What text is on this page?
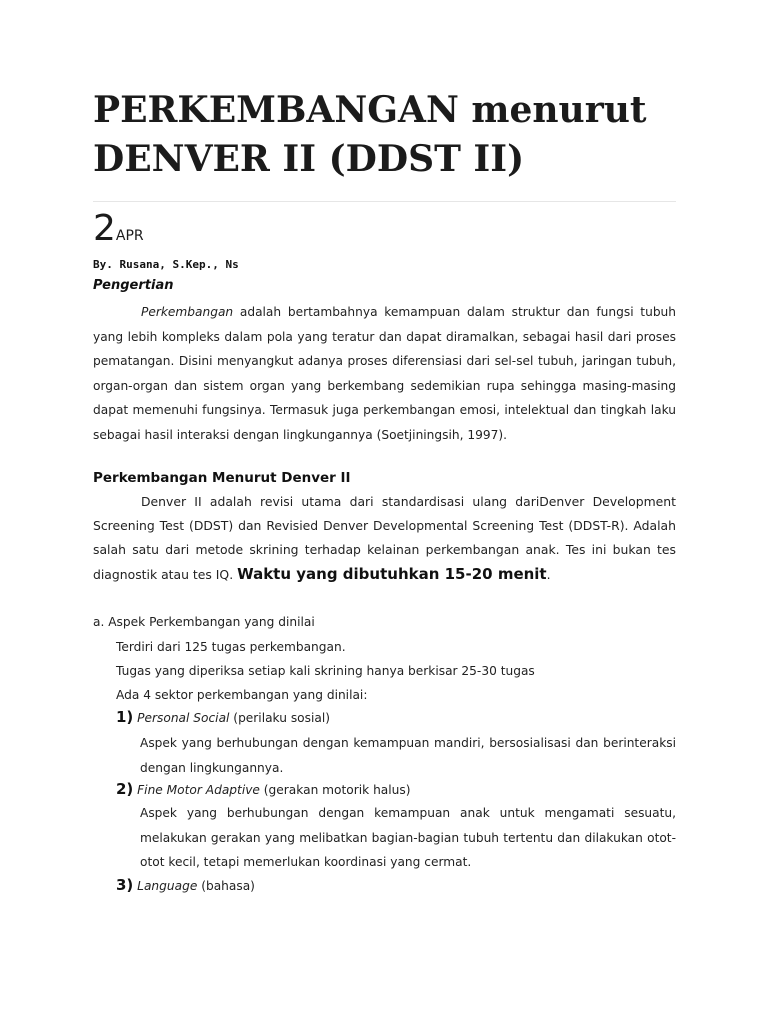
PERKEMBANGAN menurut DENVER II (DDST II)
2APR
By. Rusana, S.Kep., Ns
Pengertian

Perkembangan adalah bertambahnya kemampuan dalam struktur dan fungsi tubuh yang lebih kompleks dalam pola yang teratur dan dapat diramalkan, sebagai hasil dari proses pematangan. Disini menyangkut adanya proses diferensiasi dari sel-sel tubuh, jaringan tubuh, organ-organ dan sistem organ yang berkembang sedemikian rupa sehingga masing-masing dapat memenuhi fungsinya. Termasuk juga perkembangan emosi, intelektual dan tingkah laku sebagai hasil interaksi dengan lingkungannya (Soetjiningsih, 1997).

Perkembangan Menurut Denver II

Denver II adalah revisi utama dari standardisasi ulang dariDenver Development Screening Test (DDST) dan Revisied Denver Developmental Screening Test (DDST-R). Adalah salah satu dari metode skrining terhadap kelainan perkembangan anak. Tes ini bukan tes diagnostik atau tes IQ. Waktu yang dibutuhkan 15-20 menit.

a. Aspek Perkembangan yang dinilai
Terdiri dari 125 tugas perkembangan.
Tugas yang diperiksa setiap kali skrining hanya berkisar 25-30 tugas
Ada 4 sektor perkembangan yang dinilai:
1) Personal Social (perilaku sosial)

Aspek yang berhubungan dengan kemampuan mandiri, bersosialisasi dan berinteraksi dengan lingkungannya.

2) Fine Motor Adaptive (gerakan motorik halus)

Aspek yang berhubungan dengan kemampuan anak untuk mengamati sesuatu, melakukan gerakan yang melibatkan bagian-bagian tubuh tertentu dan dilakukan otot-otot kecil, tetapi memerlukan koordinasi yang cermat.

3) Language (bahasa)
